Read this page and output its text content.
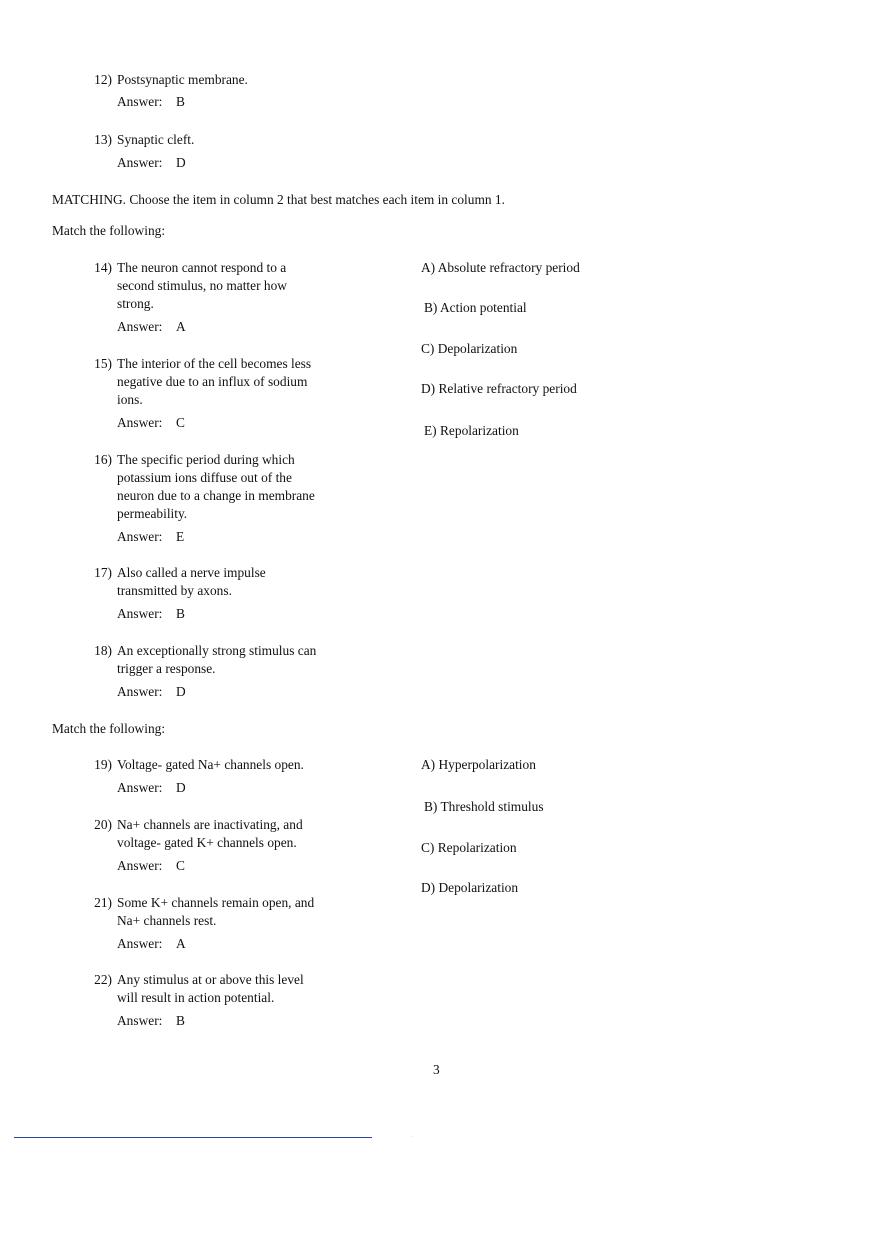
12) Postsynaptic membrane.
Answer: B
13) Synaptic cleft.
Answer: D
MATCHING. Choose the item in column 2 that best matches each item in column 1.
Match the following:
14) The neuron cannot respond to a
second stimulus, no matter how
strong.
Answer: A
15) The interior of the cell becomes less
negative due to an influx of sodium
ions.
Answer: C
16) The specific period during which
potassium ions diffuse out of the
neuron due to a change in membrane
permeability.
Answer: E
17) Also called a nerve impulse
transmitted by axons.
Answer: B
18) An exceptionally strong stimulus can
trigger a response.
Answer: D
A) Absolute refractory period
B) Action potential
C) Depolarization
D) Relative refractory period
E) Repolarization
Match the following:
19) Voltage- gated Na+ channels open.
Answer: D
20) Na+ channels are inactivating, and
voltage- gated K+ channels open.
Answer: C
21) Some K+ channels remain open, and
Na+ channels rest.
Answer: A
22) Any stimulus at or above this level
will result in action potential.
Answer: B
A) Hyperpolarization
B) Threshold stimulus
C) Repolarization
D) Depolarization
3
·
